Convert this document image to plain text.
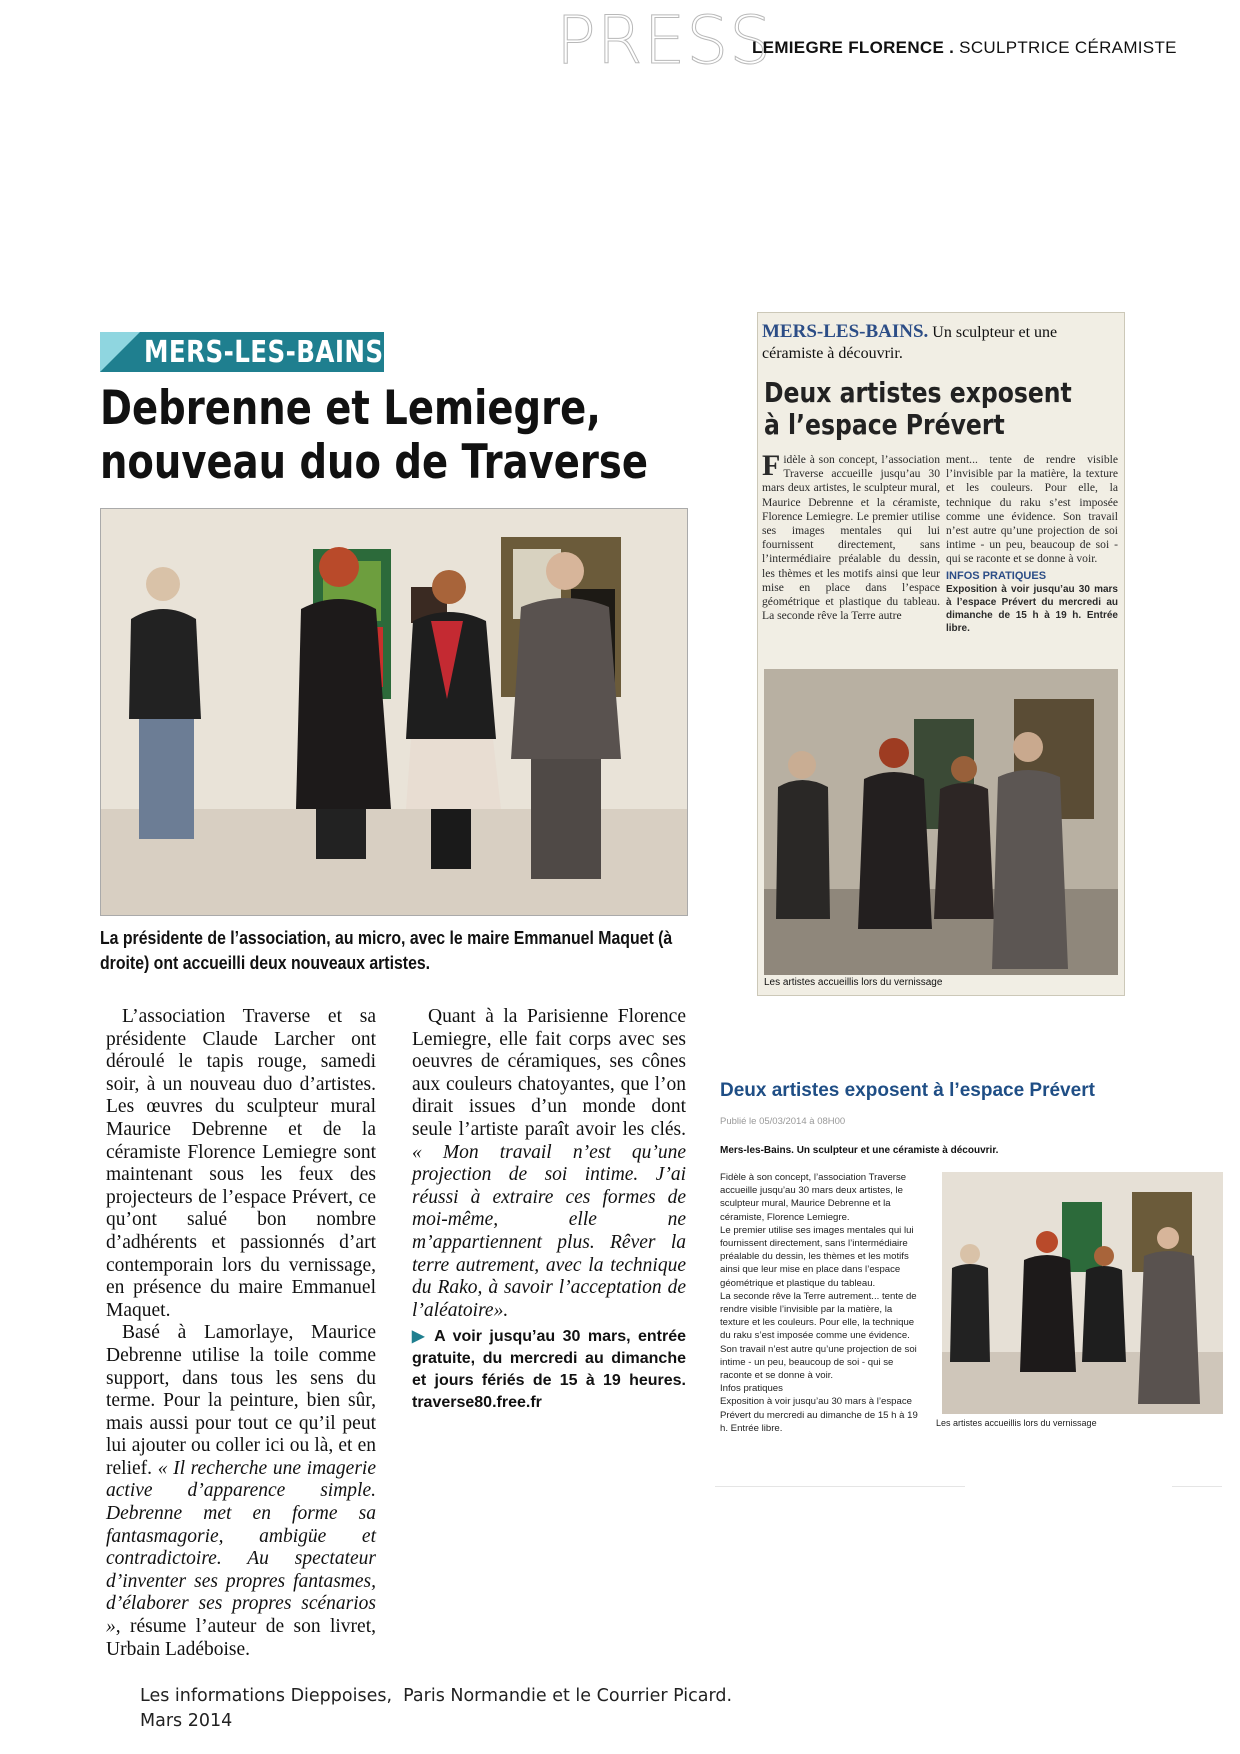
PRESS
LEMIEGRE FLORENCE . SCULPTRICE CÉRAMISTE
MERS-LES-BAINS
Debrenne et Lemiegre,
nouveau duo de Traverse
La présidente de l’association, au micro, avec le maire Emmanuel Maquet (à droite) ont accueilli deux nouveaux artistes.

L’association Traverse et sa présidente Claude Larcher ont déroulé le tapis rouge, samedi soir, à un nouveau duo d’artistes. Les œuvres du sculpteur mural Maurice Debrenne et de la céramiste Florence Lemiegre sont maintenant sous les feux des projecteurs de l’espace Prévert, ce qu’ont salué bon nombre d’adhérents et passionnés d’art contemporain lors du vernissage, en présence du maire Emmanuel Maquet.

Basé à Lamorlaye, Maurice Debrenne utilise la toile comme support, dans tous les sens du terme. Pour la peinture, bien sûr, mais aussi pour tout ce qu’il peut lui ajouter ou coller ici ou là, et en relief. « Il recherche une imagerie active d’apparence simple. Debrenne met en forme sa fantasmagorie, ambigüe et contradictoire. Au spectateur d’inventer ses propres fantasmes, d’élaborer ses propres scénarios », résume l’auteur de son livret, Urbain Ladéboise.

Quant à la Parisienne Florence Lemiegre, elle fait corps avec ses oeuvres de céramiques, ses cônes aux couleurs chatoyantes, que l’on dirait issues d’un monde dont seule l’artiste paraît avoir les clés. « Mon travail n’est qu’une projection de soi intime. J’ai réussi à extraire ces formes de moi-même, elle ne m’appartiennent plus. Rêver la terre autrement, avec la technique du Rako, à savoir l’acceptation de l’aléatoire».

▶ A voir jusqu’au 30 mars, entrée gratuite, du mercredi au dimanche et jours fériés de 15 à 19 heures. traverse80.free.fr

MERS-LES-BAINS. Un sculpteur et une céramiste à découvrir.
Deux artistes exposent
à l’espace Prévert

Fidèle à son concept, l’association Traverse accueille jusqu’au 30 mars deux artistes, le sculpteur mural, Maurice Debrenne et la céramiste, Florence Lemiegre. Le premier utilise ses images mentales qui lui fournissent directement, sans l’intermédiaire préalable du dessin, les thèmes et les motifs ainsi que leur mise en place dans l’espace géométrique et plastique du tableau. La seconde rêve la Terre autre

ment... tente de rendre visible l’invisible par la matière, la texture et les couleurs. Pour elle, la technique du raku s’est imposée comme une évidence. Son travail n’est autre qu’une projection de soi intime - un peu, beaucoup de soi - qui se raconte et se donne à voir.

INFOS PRATIQUES
Exposition à voir jusqu’au 30 mars à l’espace Prévert du mercredi au dimanche de 15 h à 19 h. Entrée libre.
Les artistes accueillis lors du vernissage
Deux artistes exposent à l’espace Prévert
Publié le 05/03/2014 à 08H00
Mers-les-Bains. Un sculpteur et une céramiste à découvrir.

Fidèle à son concept, l’association Traverse accueille jusqu’au 30 mars deux artistes, le sculpteur mural, Maurice Debrenne et la céramiste, Florence Lemiegre.

Le premier utilise ses images mentales qui lui fournissent directement, sans l’intermédiaire préalable du dessin, les thèmes et les motifs ainsi que leur mise en place dans l’espace géométrique et plastique du tableau.

La seconde rêve la Terre autrement... tente de rendre visible l’invisible par la matière, la texture et les couleurs. Pour elle, la technique du raku s’est imposée comme une évidence. Son travail n’est autre qu’une projection de soi intime - un peu, beaucoup de soi - qui se raconte et se donne à voir.

Infos pratiques

Exposition à voir jusqu’au 30 mars à l’espace Prévert du mercredi au dimanche de 15 h à 19 h. Entrée libre.	Les artistes accueillis lors du vernissage
Les informations Dieppoises,  Paris Normandie et le Courrier Picard.
Mars 2014
